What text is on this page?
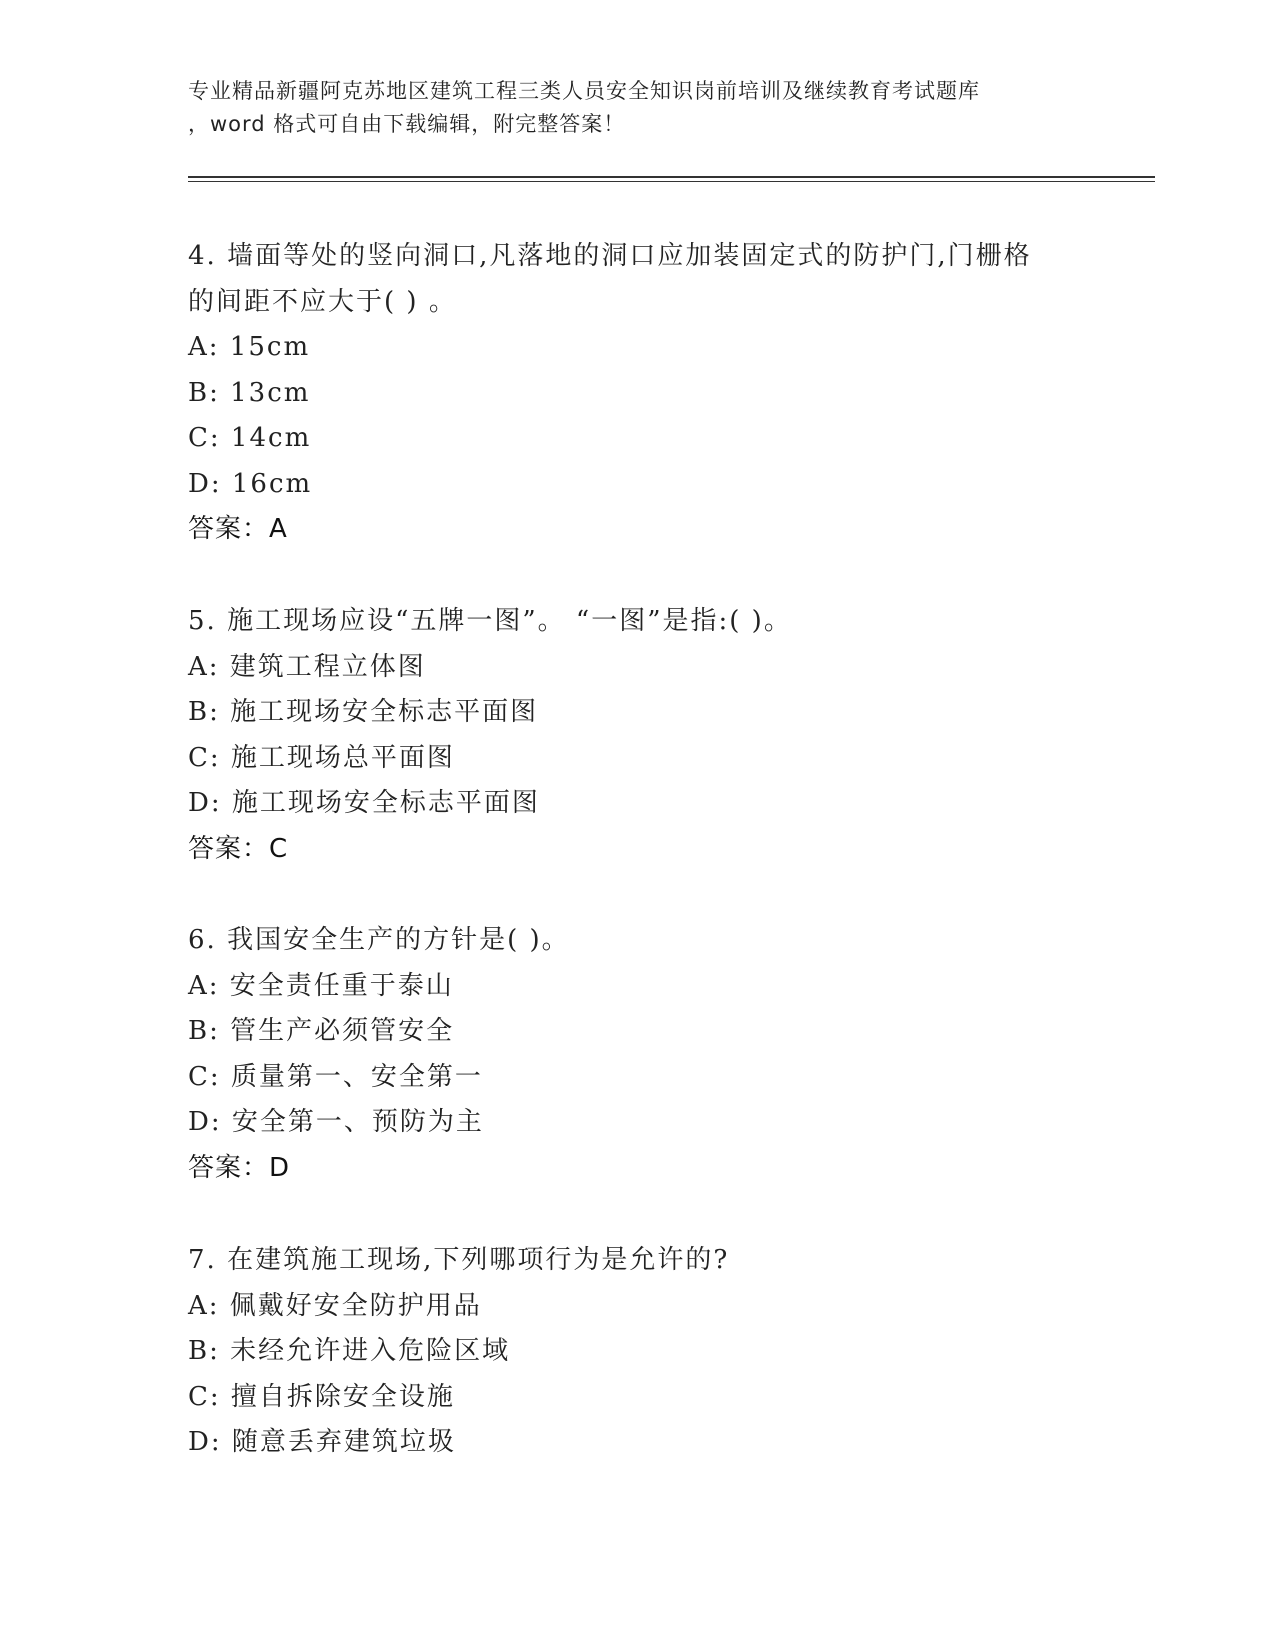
专业精品新疆阿克苏地区建筑工程三类人员安全知识岗前培训及继续教育考试题库
，word 格式可自由下载编辑，附完整答案！
4. 墙面等处的竖向洞口,凡落地的洞口应加装固定式的防护门,门栅格
的间距不应大于( ) 。
A: 15cm
B: 13cm
C: 14cm
D: 16cm
答案：A
5. 施工现场应设“五牌一图”。 “一图”是指:( )。
A: 建筑工程立体图
B: 施工现场安全标志平面图
C: 施工现场总平面图
D: 施工现场安全标志平面图
答案：C
6. 我国安全生产的方针是( )。
A: 安全责任重于泰山
B: 管生产必须管安全
C: 质量第一、安全第一
D: 安全第一、预防为主
答案：D
7. 在建筑施工现场,下列哪项行为是允许的?
A: 佩戴好安全防护用品
B: 未经允许进入危险区域
C: 擅自拆除安全设施
D: 随意丢弃建筑垃圾
